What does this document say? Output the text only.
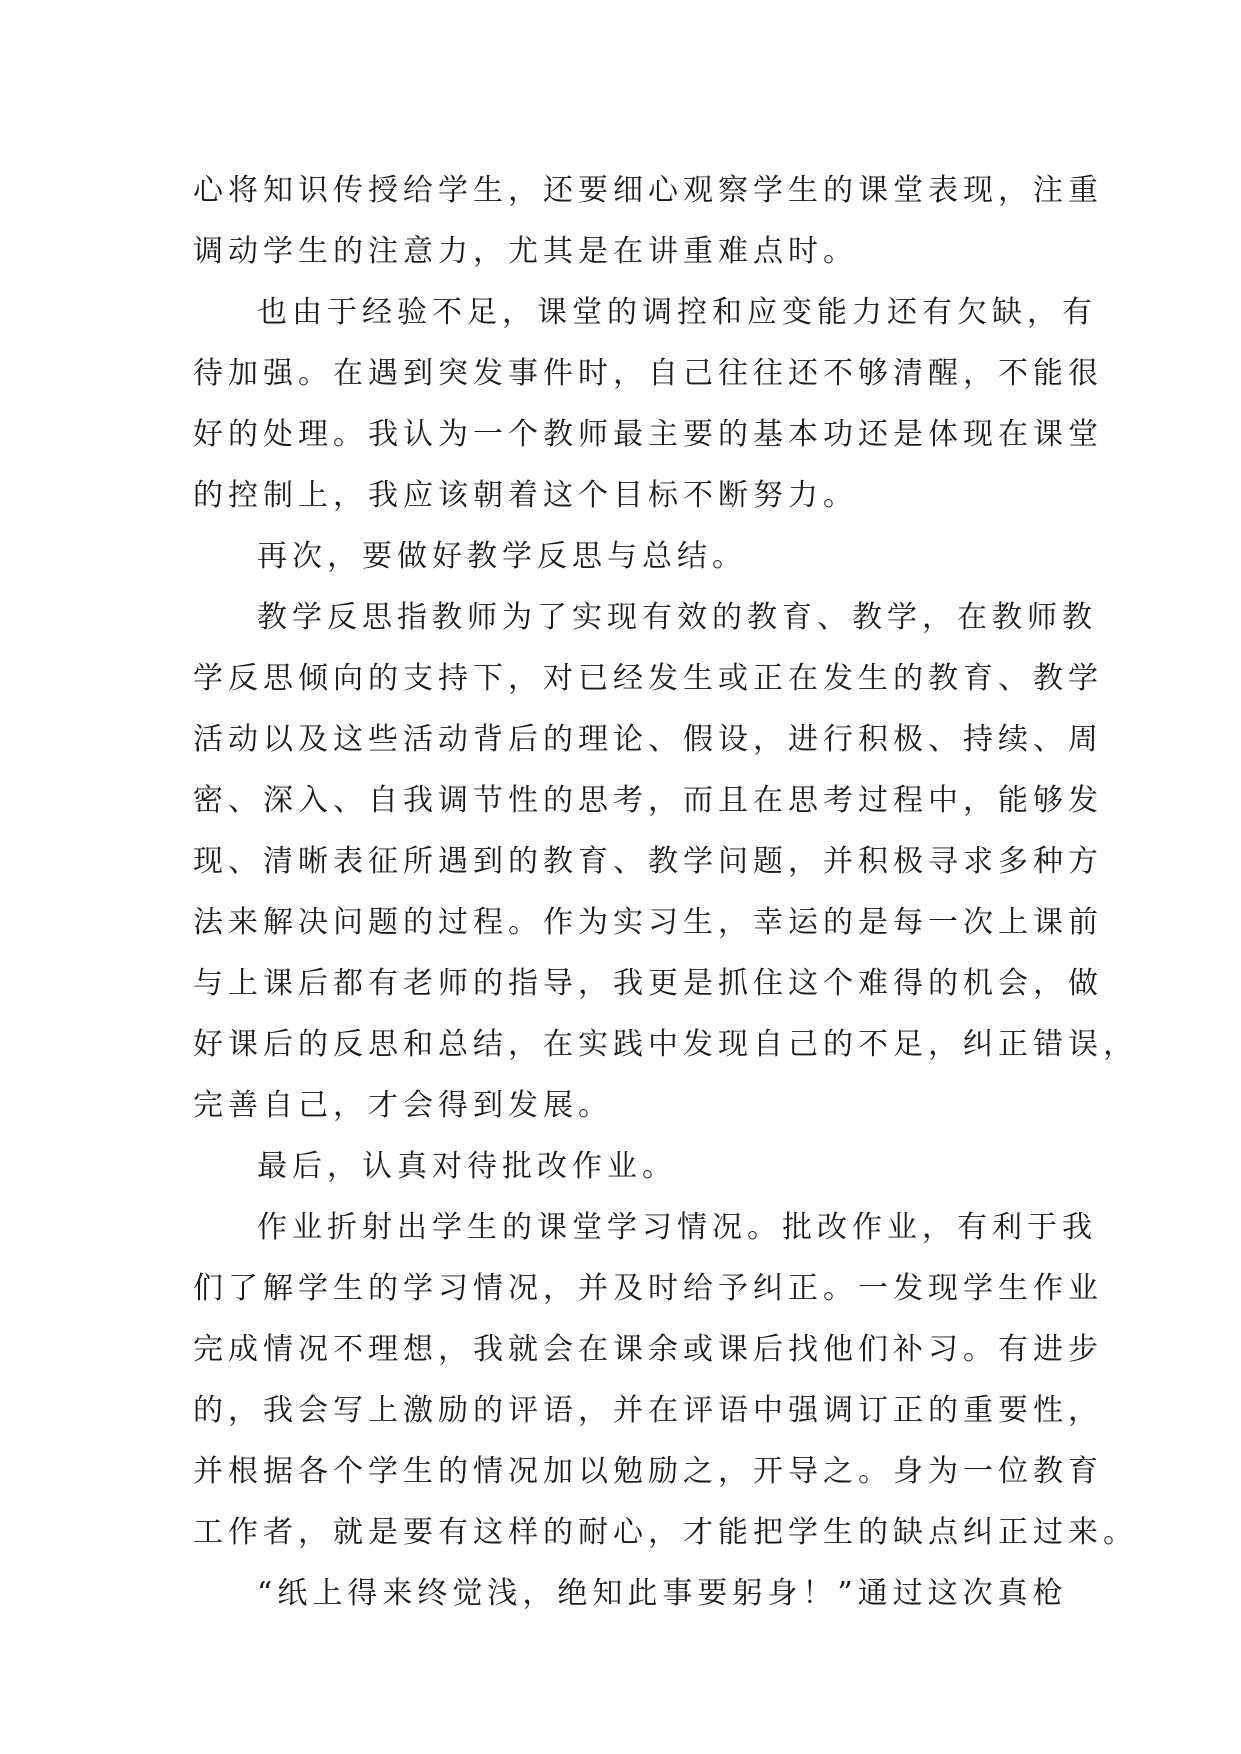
心将知识传授给学生，还要细心观察学生的课堂表现，注重
调动学生的注意力，尤其是在讲重难点时。
也由于经验不足，课堂的调控和应变能力还有欠缺，有
待加强。在遇到突发事件时，自己往往还不够清醒，不能很
好的处理。我认为一个教师最主要的基本功还是体现在课堂
的控制上，我应该朝着这个目标不断努力。
再次，要做好教学反思与总结。
教学反思指教师为了实现有效的教育、教学，在教师教
学反思倾向的支持下，对已经发生或正在发生的教育、教学
活动以及这些活动背后的理论、假设，进行积极、持续、周
密、深入、自我调节性的思考，而且在思考过程中，能够发
现、清晰表征所遇到的教育、教学问题，并积极寻求多种方
法来解决问题的过程。作为实习生，幸运的是每一次上课前
与上课后都有老师的指导，我更是抓住这个难得的机会，做
好课后的反思和总结，在实践中发现自己的不足，纠正错误，
完善自己，才会得到发展。
最后，认真对待批改作业。
作业折射出学生的课堂学习情况。批改作业，有利于我
们了解学生的学习情况，并及时给予纠正。一发现学生作业
完成情况不理想，我就会在课余或课后找他们补习。有进步
的，我会写上激励的评语，并在评语中强调订正的重要性，
并根据各个学生的情况加以勉励之，开导之。身为一位教育
工作者，就是要有这样的耐心，才能把学生的缺点纠正过来。
“纸上得来终觉浅，绝知此事要躬身！”通过这次真枪
